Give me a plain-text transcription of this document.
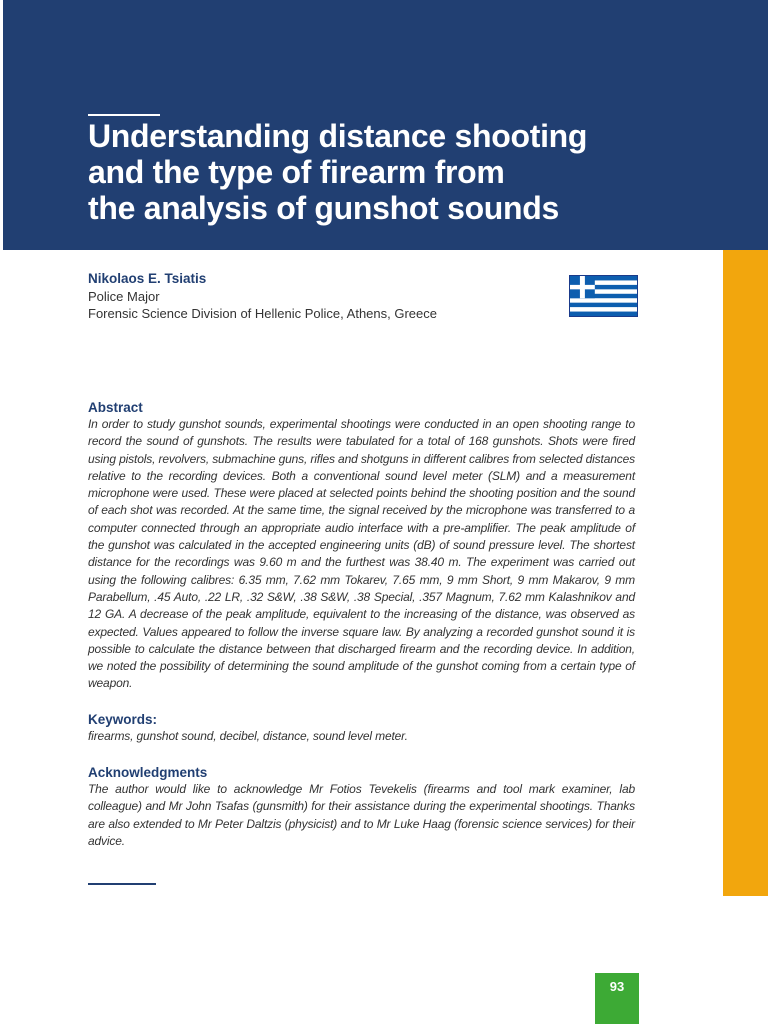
Understanding distance shooting
and the type of firearm from
the analysis of gunshot sounds
Nikolaos E. Tsiatis
Police Major
Forensic Science Division of Hellenic Police, Athens, Greece
Abstract

In order to study gunshot sounds, experimental shootings were conducted in an open shooting range to record the sound of gunshots. The results were tabulated for a total of 168 gunshots. Shots were fired using pistols, revolvers, submachine guns, rifles and shotguns in different calibres from selected distances relative to the recording devices. Both a conventional sound level meter (SLM) and a measurement microphone were used. These were placed at selected points behind the shooting position and the sound of each shot was recorded. At the same time, the signal received by the microphone was transferred to a computer connected through an appropriate audio interface with a pre-amplifier. The peak amplitude of the gunshot was calculated in the accepted engineering units (dB) of sound pressure level. The shortest distance for the recordings was 9.60 m and the furthest was 38.40 m. The experiment was carried out using the following calibres: 6.35 mm, 7.62 mm Tokarev, 7.65 mm, 9 mm Short, 9 mm Makarov, 9 mm Parabellum, .45 Auto, .22 LR, .32 S&W, .38 S&W, .38 Special, .357 Magnum, 7.62 mm Kalashnikov and 12 GA. A decrease of the peak amplitude, equivalent to the increasing of the distance, was observed as expected. Values appeared to follow the inverse square law. By analyzing a recorded gunshot sound it is possible to calculate the distance between that discharged firearm and the recording device. In addition, we noted the possibility of determining the sound amplitude of the gunshot coming from a certain type of weapon.

Keywords:

firearms, gunshot sound, decibel, distance, sound level meter.

Acknowledgments

The author would like to acknowledge Mr Fotios Tevekelis (firearms and tool mark examiner, lab colleague) and Mr John Tsafas (gunsmith) for their assistance during the experimental shootings. Thanks are also extended to Mr Peter Daltzis (physicist) and to Mr Luke Haag (forensic science services) for their advice.

93
